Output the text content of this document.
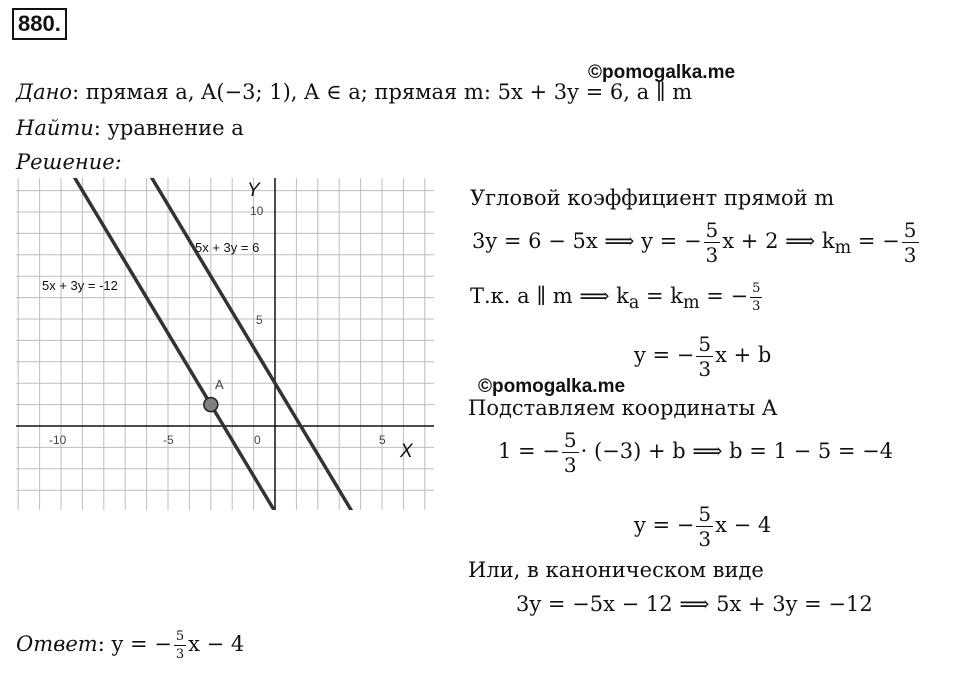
880.
©pomogalka.me
Дано: прямая a, A(−3; 1), A ∈ a; прямая m: 5x + 3y = 6, a ∥ m
Найти: уравнение a
Решение:
A
5x + 3y = 6
5x + 3y = -12
Y
X
-10	-5	0	5
10
5
Угловой коэффициент прямой m
3y = 6 − 5x ⟹ y = − $\frac{5}{3}$ x + 2 ⟹ $k_m$ = − $\frac{5}{3}$
Т.к. a ∥ m ⟹ $k_a = k_m$ = − $\frac{5}{3}$
y = − $\frac{5}{3}$ x + b
©pomogalka.me
Подставляем координаты A
1 = − $\frac{5}{3} \cdot (-3) + b$ ⟹ b = 1 − 5 = −4
y = − $\frac{5}{3}$ x − 4
Или, в каноническом виде
3y = −5x − 12 ⟹ 5x + 3y = −12
Ответ: y = − $\frac{5}{3}$ x − 4
